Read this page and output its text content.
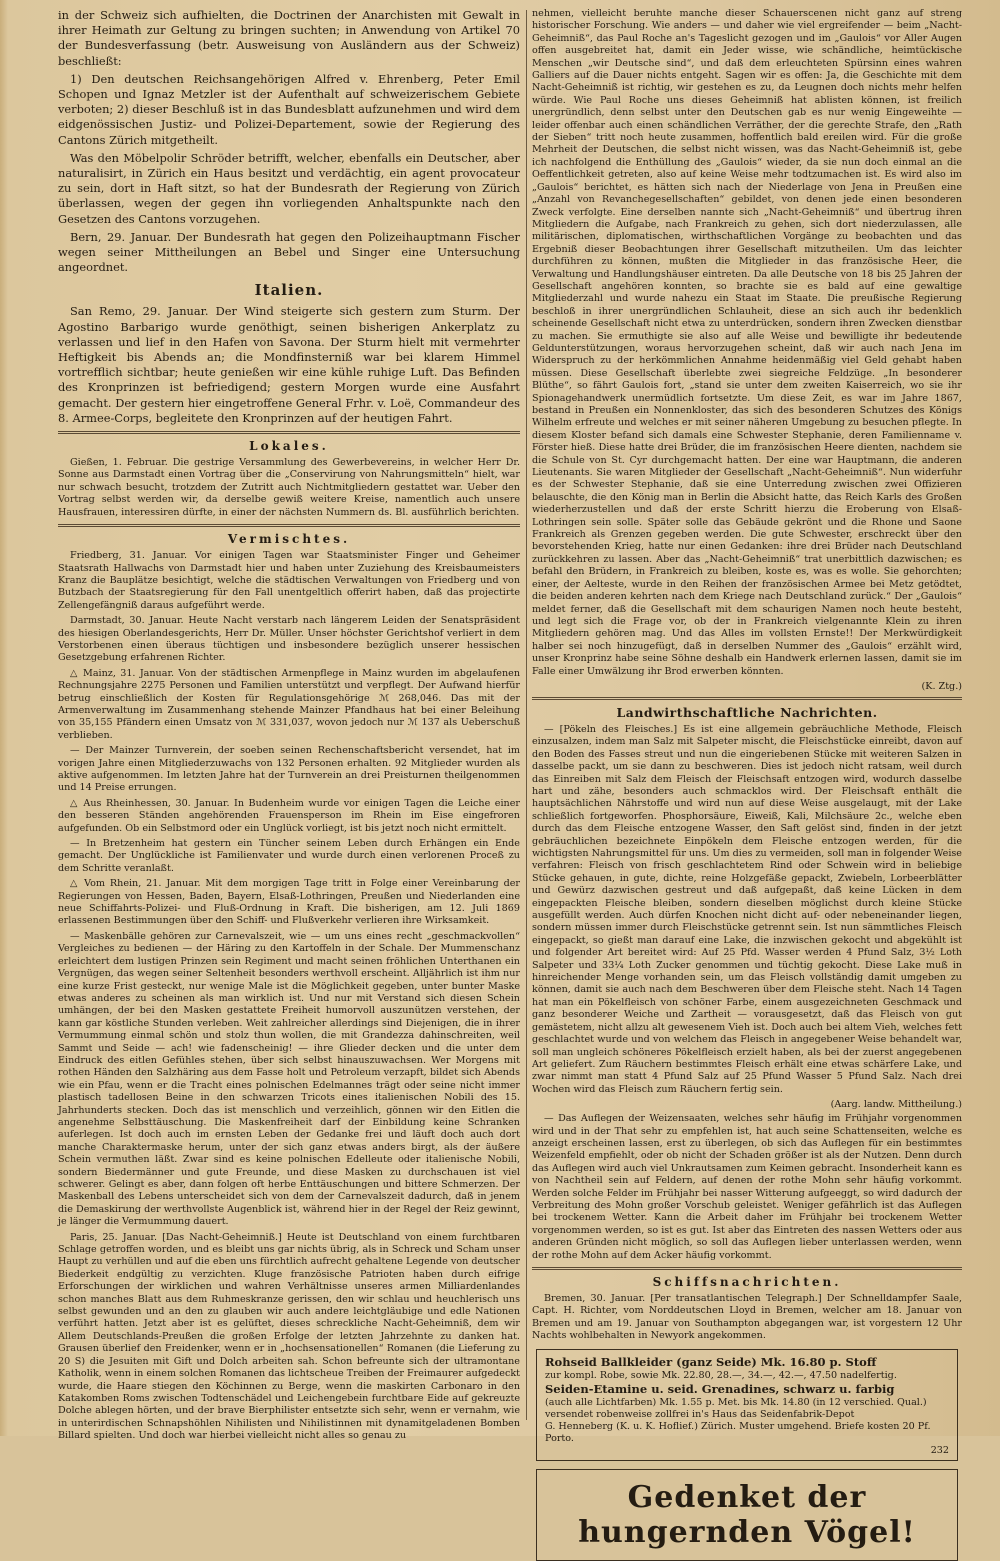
in der Schweiz sich aufhielten, die Doctrinen der Anarchisten mit Gewalt in ihrer Heimath zur Geltung zu bringen suchten; in Anwendung von Artikel 70 der Bundesverfassung (betr. Ausweisung von Ausländern aus der Schweiz) beschließt:

1) Den deutschen Reichsangehörigen Alfred v. Ehrenberg, Peter Emil Schopen und Ignaz Metzler ist der Aufenthalt auf schweizerischem Gebiete verboten; 2) dieser Beschluß ist in das Bundesblatt aufzunehmen und wird dem eidgenössischen Justiz- und Polizei-Departement, sowie der Regierung des Cantons Zürich mitgetheilt.

Was den Möbelpolir Schröder betrifft, welcher, ebenfalls ein Deutscher, aber naturalisirt, in Zürich ein Haus besitzt und verdächtig, ein agent provocateur zu sein, dort in Haft sitzt, so hat der Bundesrath der Regierung von Zürich überlassen, wegen der gegen ihn vorliegenden Anhaltspunkte nach den Gesetzen des Cantons vorzugehen.

Bern, 29. Januar. Der Bundesrath hat gegen den Polizeihauptmann Fischer wegen seiner Mittheilungen an Bebel und Singer eine Untersuchung angeordnet.

Italien.

San Remo, 29. Januar. Der Wind steigerte sich gestern zum Sturm. Der Agostino Barbarigo wurde genöthigt, seinen bisherigen Ankerplatz zu verlassen und lief in den Hafen von Savona. Der Sturm hielt mit vermehrter Heftigkeit bis Abends an; die Mondfinsterniß war bei klarem Himmel vortrefflich sichtbar; heute genießen wir eine kühle ruhige Luft. Das Befinden des Kronprinzen ist befriedigend; gestern Morgen wurde eine Ausfahrt gemacht. Der gestern hier eingetroffene General Frhr. v. Loë, Commandeur des 8. Armee-Corps, begleitete den Kronprinzen auf der heutigen Fahrt.

Lokales.

Gießen, 1. Februar. Die gestrige Versammlung des Gewerbevereins, in welcher Herr Dr. Sonne aus Darmstadt einen Vortrag über die „Conservirung von Nahrungsmitteln“ hielt, war nur schwach besucht, trotzdem der Zutritt auch Nichtmitgliedern gestattet war. Ueber den Vortrag selbst werden wir, da derselbe gewiß weitere Kreise, namentlich auch unsere Hausfrauen, interessiren dürfte, in einer der nächsten Nummern ds. Bl. ausführlich berichten.

Vermischtes.

Friedberg, 31. Januar. Vor einigen Tagen war Staatsminister Finger und Geheimer Staatsrath Hallwachs von Darmstadt hier und haben unter Zuziehung des Kreisbaumeisters Kranz die Bauplätze besichtigt, welche die städtischen Verwaltungen von Friedberg und von Butzbach der Staatsregierung für den Fall unentgeltlich offerirt haben, daß das projectirte Zellengefängniß daraus aufgeführt werde.

Darmstadt, 30. Januar. Heute Nacht verstarb nach längerem Leiden der Senatspräsident des hiesigen Oberlandesgerichts, Herr Dr. Müller. Unser höchster Gerichtshof verliert in dem Verstorbenen einen überaus tüchtigen und insbesondere bezüglich unserer hessischen Gesetzgebung erfahrenen Richter.

△ Mainz, 31. Januar. Von der städtischen Armenpflege in Mainz wurden im abgelaufenen Rechnungsjahre 2275 Personen und Familien unterstützt und verpflegt. Der Aufwand hierfür betrug einschließlich der Kosten für Regulationsgehörige ℳ 268,046. Das mit der Armenverwaltung im Zusammenhang stehende Mainzer Pfandhaus hat bei einer Beleihung von 35,155 Pfändern einen Umsatz von ℳ 331,037, wovon jedoch nur ℳ 137 als Ueberschuß verblieben.

— Der Mainzer Turnverein, der soeben seinen Rechenschaftsbericht versendet, hat im vorigen Jahre einen Mitgliederzuwachs von 132 Personen erhalten. 92 Mitglieder wurden als aktive aufgenommen. Im letzten Jahre hat der Turnverein an drei Preisturnen theilgenommen und 14 Preise errungen.

△ Aus Rheinhessen, 30. Januar. In Budenheim wurde vor einigen Tagen die Leiche einer den besseren Ständen angehörenden Frauensperson im Rhein im Eise eingefroren aufgefunden. Ob ein Selbstmord oder ein Unglück vorliegt, ist bis jetzt noch nicht ermittelt.

— In Bretzenheim hat gestern ein Tüncher seinem Leben durch Erhängen ein Ende gemacht. Der Unglückliche ist Familienvater und wurde durch einen verlorenen Proceß zu dem Schritte veranlaßt.

△ Vom Rhein, 21. Januar. Mit dem morgigen Tage tritt in Folge einer Vereinbarung der Regierungen von Hessen, Baden, Bayern, Elsaß-Lothringen, Preußen und Niederlanden eine neue Schiffahrts-Polizei- und Fluß-Ordnung in Kraft. Die bisherigen, am 12. Juli 1869 erlassenen Bestimmungen über den Schiff- und Flußverkehr verlieren ihre Wirksamkeit.

— Maskenbälle gehören zur Carnevalszeit, wie — um uns eines recht „geschmackvollen“ Vergleiches zu bedienen — der Häring zu den Kartoffeln in der Schale. Der Mummenschanz erleichtert dem lustigen Prinzen sein Regiment und macht seinen fröhlichen Unterthanen ein Vergnügen, das wegen seiner Seltenheit besonders werthvoll erscheint. Alljährlich ist ihm nur eine kurze Frist gesteckt, nur wenige Male ist die Möglichkeit gegeben, unter bunter Maske etwas anderes zu scheinen als man wirklich ist. Und nur mit Verstand sich diesen Schein umhängen, der bei den Masken gestattete Freiheit humorvoll auszunützen verstehen, der kann gar köstliche Stunden verleben. Weit zahlreicher allerdings sind Diejenigen, die in ihrer Vermummung einmal schön und stolz thun wollen, die mit Grandezza dahinschreiten, weil Sammt und Seide — ach! wie fadenscheinig! — ihre Glieder decken und die unter dem Eindruck des eitlen Gefühles stehen, über sich selbst hinauszuwachsen. Wer Morgens mit rothen Händen den Salzhäring aus dem Fasse holt und Petroleum verzapft, bildet sich Abends wie ein Pfau, wenn er die Tracht eines polnischen Edelmannes trägt oder seine nicht immer plastisch tadellosen Beine in den schwarzen Tricots eines italienischen Nobili des 15. Jahrhunderts stecken. Doch das ist menschlich und verzeihlich, gönnen wir den Eitlen die angenehme Selbsttäuschung. Die Maskenfreiheit darf der Einbildung keine Schranken auferlegen. Ist doch auch im ernsten Leben der Gedanke frei und läuft doch auch dort manche Charaktermaske herum, unter der sich ganz etwas anders birgt, als der äußere Schein vermuthen läßt. Zwar sind es keine polnischen Edelleute oder italienische Nobili, sondern Biedermänner und gute Freunde, und diese Masken zu durchschauen ist viel schwerer. Gelingt es aber, dann folgen oft herbe Enttäuschungen und bittere Schmerzen. Der Maskenball des Lebens unterscheidet sich von dem der Carnevalszeit dadurch, daß in jenem die Demaskirung der werthvollste Augenblick ist, während hier in der Regel der Reiz gewinnt, je länger die Vermummung dauert.

Paris, 25. Januar. [Das Nacht-Geheimniß.] Heute ist Deutschland von einem furchtbaren Schlage getroffen worden, und es bleibt uns gar nichts übrig, als in Schreck und Scham unser Haupt zu verhüllen und auf die eben uns fürchtlich aufrecht gehaltene Legende von deutscher Biederkeit endgültig zu verzichten. Kluge französische Patrioten haben durch eifrige Erforschungen der wirklichen und wahren Verhältnisse unseres armen Milliardenlandes schon manches Blatt aus dem Ruhmeskranze gerissen, den wir schlau und heuchlerisch uns selbst gewunden und an den zu glauben wir auch andere leichtgläubige und edle Nationen verführt hatten. Jetzt aber ist es gelüftet, dieses schreckliche Nacht-Geheimniß, dem wir Allem Deutschlands-Preußen die großen Erfolge der letzten Jahrzehnte zu danken hat. Grausen überlief den Freidenker, wenn er in „hochsensationellen“ Romanen (die Lieferung zu 20 S) die Jesuiten mit Gift und Dolch arbeiten sah. Schon befreunte sich der ultramontane Katholik, wenn in einem solchen Romanen das lichtscheue Treiben der Freimaurer aufgedeckt wurde, die Haare stiegen den Köchinnen zu Berge, wenn die maskirten Carbonaro in den Katakomben Roms zwischen Todtenschädel und Leichengebein furchtbare Eide auf gekreuzte Dolche ablegen hörten, und der brave Bierphilister entsetzte sich sehr, wenn er vernahm, wie in unterirdischen Schnapshöhlen Nihilisten und Nihilistinnen mit dynamitgeladenen Bomben Billard spielten. Und doch war hierbei vielleicht nicht alles so genau zu

nehmen, vielleicht beruhte manche dieser Schauerscenen nicht ganz auf streng historischer Forschung. Wie anders — und daher wie viel ergreifender — beim „Nacht-Geheimniß“, das Paul Roche an's Tageslicht gezogen und im „Gaulois“ vor Aller Augen offen ausgebreitet hat, damit ein Jeder wisse, wie schändliche, heimtückische Menschen „wir Deutsche sind“, und daß dem erleuchteten Spürsinn eines wahren Galliers auf die Dauer nichts entgeht. Sagen wir es offen: Ja, die Geschichte mit dem Nacht-Geheimniß ist richtig, wir gestehen es zu, da Leugnen doch nichts mehr helfen würde. Wie Paul Roche uns dieses Geheimniß hat ablisten können, ist freilich unergründlich, denn selbst unter den Deutschen gab es nur wenig Eingeweihte — leider offenbar auch einen schändlichen Verräther, der die gerechte Strafe, den „Rath der Sieben“ tritt noch heute zusammen, hoffentlich bald ereilen wird. Für die große Mehrheit der Deutschen, die selbst nicht wissen, was das Nacht-Geheimniß ist, gebe ich nachfolgend die Enthüllung des „Gaulois“ wieder, da sie nun doch einmal an die Oeffentlichkeit getreten, also auf keine Weise mehr todtzumachen ist. Es wird also im „Gaulois“ berichtet, es hätten sich nach der Niederlage von Jena in Preußen eine „Anzahl von Revanchegesellschaften“ gebildet, von denen jede einen besonderen Zweck verfolgte. Eine derselben nannte sich „Nacht-Geheimniß“ und übertrug ihren Mitgliedern die Aufgabe, nach Frankreich zu gehen, sich dort niederzulassen, alle militärischen, diplomatischen, wirthschaftlichen Vorgänge zu beobachten und das Ergebniß dieser Beobachtungen ihrer Gesellschaft mitzutheilen. Um das leichter durchführen zu können, mußten die Mitglieder in das französische Heer, die Verwaltung und Handlungshäuser eintreten. Da alle Deutsche von 18 bis 25 Jahren der Gesellschaft angehören konnten, so brachte sie es bald auf eine gewaltige Mitgliederzahl und wurde nahezu ein Staat im Staate. Die preußische Regierung beschloß in ihrer unergründlichen Schlauheit, diese an sich auch ihr bedenklich scheinende Gesellschaft nicht etwa zu unterdrücken, sondern ihren Zwecken dienstbar zu machen. Sie ermuthigte sie also auf alle Weise und bewilligte ihr bedeutende Geldunterstützungen, woraus hervorzugehen scheint, daß wir auch nach Jena im Widerspruch zu der herkömmlichen Annahme heidenmäßig viel Geld gehabt haben müssen. Diese Gesellschaft überlebte zwei siegreiche Feldzüge. „In besonderer Blüthe“, so fährt Gaulois fort, „stand sie unter dem zweiten Kaiserreich, wo sie ihr Spionagehandwerk unermüdlich fortsetzte. Um diese Zeit, es war im Jahre 1867, bestand in Preußen ein Nonnenkloster, das sich des besonderen Schutzes des Königs Wilhelm erfreute und welches er mit seiner näheren Umgebung zu besuchen pflegte. In diesem Kloster befand sich damals eine Schwester Stephanie, deren Familienname v. Förster hieß. Diese hatte drei Brüder, die im französischen Heere dienten, nachdem sie die Schule von St. Cyr durchgemacht hatten. Der eine war Hauptmann, die anderen Lieutenants. Sie waren Mitglieder der Gesellschaft „Nacht-Geheimniß“. Nun widerfuhr es der Schwester Stephanie, daß sie eine Unterredung zwischen zwei Offizieren belauschte, die den König man in Berlin die Absicht hatte, das Reich Karls des Großen wiederherzustellen und daß der erste Schritt hierzu die Eroberung von Elsaß-Lothringen sein solle. Später solle das Gebäude gekrönt und die Rhone und Saone Frankreich als Grenzen gegeben werden. Die gute Schwester, erschreckt über den bevorstehenden Krieg, hatte nur einen Gedanken: ihre drei Brüder nach Deutschland zurückkehren zu lassen. Aber das „Nacht-Geheimniß“ trat unerbittlich dazwischen; es befahl den Brüdern, in Frankreich zu bleiben, koste es, was es wolle. Sie gehorchten; einer, der Aelteste, wurde in den Reihen der französischen Armee bei Metz getödtet, die beiden anderen kehrten nach dem Kriege nach Deutschland zurück.“ Der „Gaulois“ meldet ferner, daß die Gesellschaft mit dem schaurigen Namen noch heute besteht, und legt sich die Frage vor, ob der in Frankreich vielgenannte Klein zu ihren Mitgliedern gehören mag. Und das Alles im vollsten Ernste!! Der Merkwürdigkeit halber sei noch hinzugefügt, daß in derselben Nummer des „Gaulois“ erzählt wird, unser Kronprinz habe seine Söhne deshalb ein Handwerk erlernen lassen, damit sie im Falle einer Umwälzung ihr Brod erwerben könnten.

(K. Ztg.)
Landwirthschaftliche Nachrichten.

— [Pökeln des Fleisches.] Es ist eine allgemein gebräuchliche Methode, Fleisch einzusalzen, indem man Salz mit Salpeter mischt, die Fleischstücke einreibt, davon auf den Boden des Fasses streut und nun die eingeriebenen Stücke mit weiteren Salzen in dasselbe packt, um sie dann zu beschweren. Dies ist jedoch nicht ratsam, weil durch das Einreiben mit Salz dem Fleisch der Fleischsaft entzogen wird, wodurch dasselbe hart und zähe, besonders auch schmacklos wird. Der Fleischsaft enthält die hauptsächlichen Nährstoffe und wird nun auf diese Weise ausgelaugt, mit der Lake schließlich fortgeworfen. Phosphorsäure, Eiweiß, Kali, Milchsäure 2c., welche eben durch das dem Fleische entzogene Wasser, den Saft gelöst sind, finden in der jetzt gebräuchlichen bezeichnete Einpökeln dem Fleische entzogen werden, für die wichtigsten Nahrungsmittel für uns. Um dies zu vermeiden, soll man in folgender Weise verfahren: Fleisch von frisch geschlachtetem Rind oder Schwein wird in beliebige Stücke gehauen, in gute, dichte, reine Holzgefäße gepackt, Zwiebeln, Lorbeerblätter und Gewürz dazwischen gestreut und daß aufgepaßt, daß keine Lücken in dem eingepackten Fleische bleiben, sondern dieselben möglichst durch kleine Stücke ausgefüllt werden. Auch dürfen Knochen nicht dicht auf- oder nebeneinander liegen, sondern müssen immer durch Fleischstücke getrennt sein. Ist nun sämmtliches Fleisch eingepackt, so gießt man darauf eine Lake, die inzwischen gekocht und abgekühlt ist und folgender Art bereitet wird: Auf 25 Pfd. Wasser werden 4 Pfund Salz, 3½ Loth Salpeter und 33¼ Loth Zucker genommen und tüchtig gekocht. Diese Lake muß in hinreichender Menge vorhanden sein, um das Fleisch vollständig damit umgeben zu können, damit sie auch nach dem Beschweren über dem Fleische steht. Nach 14 Tagen hat man ein Pökelfleisch von schöner Farbe, einem ausgezeichneten Geschmack und ganz besonderer Weiche und Zartheit — vorausgesetzt, daß das Fleisch von gut gemästetem, nicht allzu alt gewesenem Vieh ist. Doch auch bei altem Vieh, welches fett geschlachtet wurde und von welchem das Fleisch in angegebener Weise behandelt war, soll man ungleich schöneres Pökelfleisch erzielt haben, als bei der zuerst angegebenen Art geliefert. Zum Räuchern bestimmtes Fleisch erhält eine etwas schärfere Lake, und zwar nimmt man statt 4 Pfund Salz auf 25 Pfund Wasser 5 Pfund Salz. Nach drei Wochen wird das Fleisch zum Räuchern fertig sein.

(Aarg. landw. Mittheilung.)

— Das Auflegen der Weizensaaten, welches sehr häufig im Frühjahr vorgenommen wird und in der That sehr zu empfehlen ist, hat auch seine Schattenseiten, welche es anzeigt erscheinen lassen, erst zu überlegen, ob sich das Auflegen für ein bestimmtes Weizenfeld empfiehlt, oder ob nicht der Schaden größer ist als der Nutzen. Denn durch das Auflegen wird auch viel Unkrautsamen zum Keimen gebracht. Insonderheit kann es von Nachtheil sein auf Feldern, auf denen der rothe Mohn sehr häufig vorkommt. Werden solche Felder im Frühjahr bei nasser Witterung aufgeeggt, so wird dadurch der Verbreitung des Mohn großer Vorschub geleistet. Weniger gefährlich ist das Auflegen bei trockenem Wetter. Kann die Arbeit daher im Frühjahr bei trockenem Wetter vorgenommen werden, so ist es gut. Ist aber das Eintreten des nassen Wetters oder aus anderen Gründen nicht möglich, so soll das Auflegen lieber unterlassen werden, wenn der rothe Mohn auf dem Acker häufig vorkommt.

Schiffsnachrichten.

Bremen, 30. Januar. [Per transatlantischen Telegraph.] Der Schnelldampfer Saale, Capt. H. Richter, vom Norddeutschen Lloyd in Bremen, welcher am 18. Januar von Bremen und am 19. Januar von Southampton abgegangen war, ist vorgestern 12 Uhr Nachts wohlbehalten in Newyork angekommen.

Rohseid Ballkleider (ganz Seide) Mk. 16.80 p. Stoff
zur kompl. Robe, sowie Mk. 22.80, 28.—, 34.—, 42.—, 47.50 nadelfertig.
Seiden-Etamine u. seid. Grenadines, schwarz u. farbig
(auch alle Lichtfarben) Mk. 1.55 p. Met. bis Mk. 14.80 (in 12 verschied. Qual.) versendet robenweise zollfrei in's Haus das Seidenfabrik-Depot
G. Henneberg (K. u. K. Hoflief.) Zürich. Muster umgehend. Briefe kosten 20 Pf. Porto.
232
Gedenket der hungernden Vögel!
